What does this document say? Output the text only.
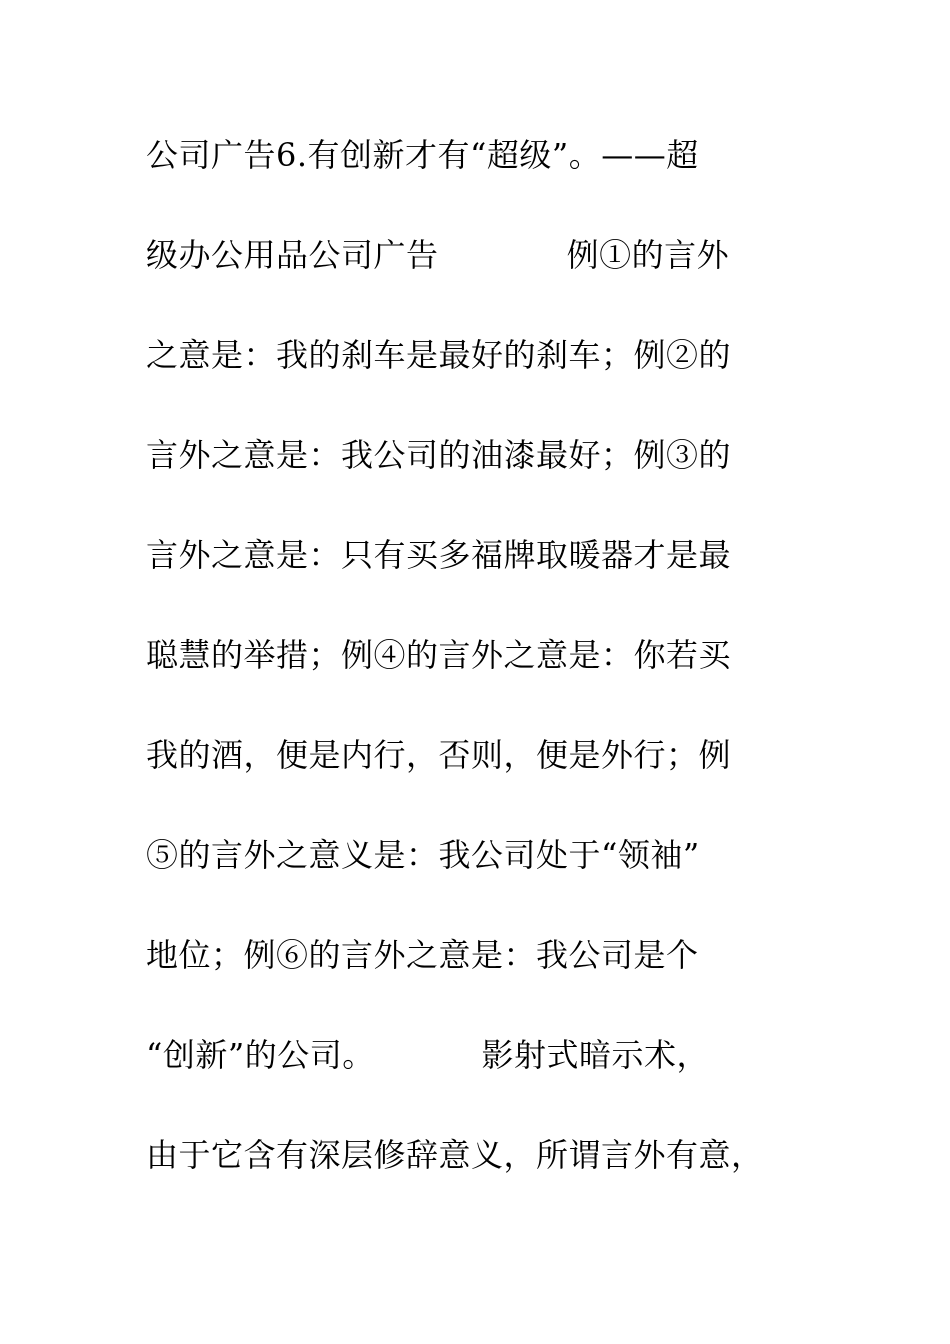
公司广告6.有创新才有“超级”。——超
级办公用品公司广告            例①的言外
之意是：我的刹车是最好的刹车；例②的
言外之意是：我公司的油漆最好；例③的
言外之意是：只有买多福牌取暖器才是最
聪慧的举措；例④的言外之意是：你若买
我的酒，便是内行，否则，便是外行；例
⑤的言外之意义是：我公司处于“领袖”
地位；例⑥的言外之意是：我公司是个
“创新”的公司。          影射式暗示术，
由于它含有深层修辞意义，所谓言外有意，
